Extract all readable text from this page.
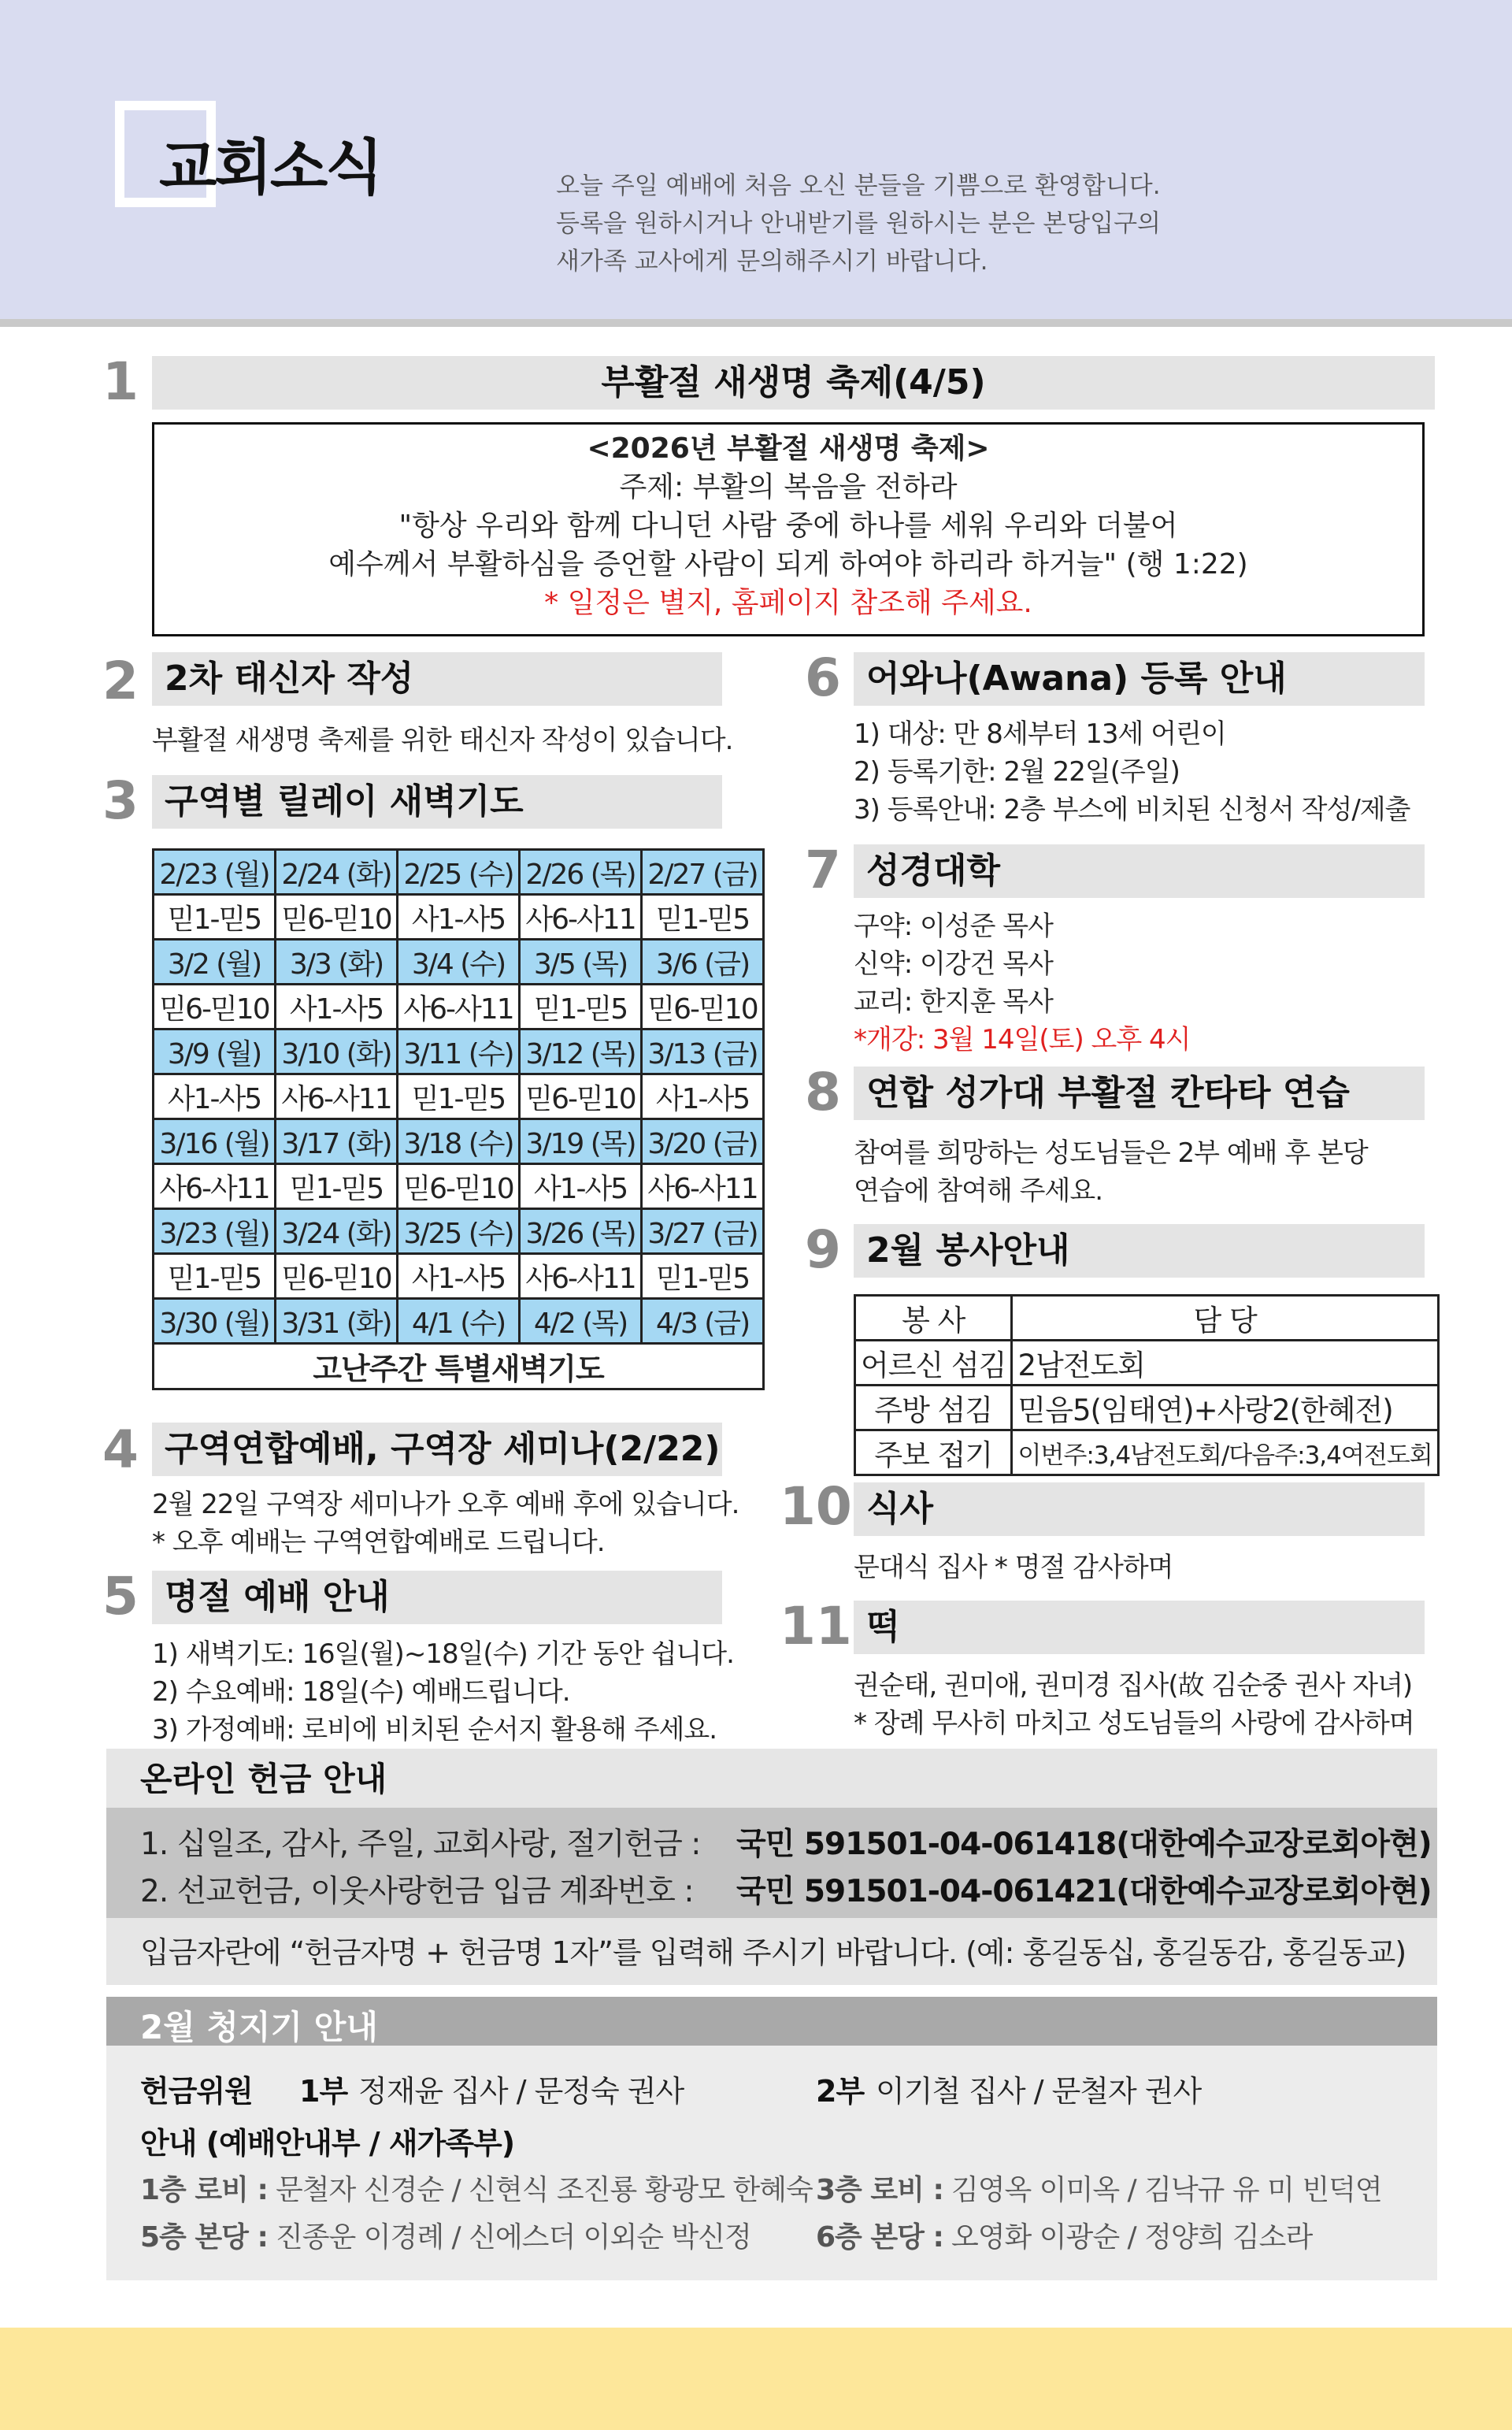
교회소식	오늘 주일 예배에 처음 오신 분들을 기쁨으로 환영합니다.
등록을 원하시거나 안내받기를 원하시는 분은 본당입구의
새가족 교사에게 문의해주시기 바랍니다.
1	부활절 새생명 축제(4/5)
<2026년 부활절 새생명 축제>
주제: 부활의 복음을 전하라
"항상 우리와 함께 다니던 사람 중에 하나를 세워 우리와 더불어
예수께서 부활하심을 증언할 사람이 되게 하여야 하리라 하거늘" (행 1:22)
* 일정은 별지, 홈페이지 참조해 주세요.
2 2차 태신자 작성
부활절 새생명 축제를 위한 태신자 작성이 있습니다.
3 구역별 릴레이 새벽기도
2/23 (월)	2/24 (화)	2/25 (수)	2/26 (목)	2/27 (금)
믿1-믿5	믿6-믿10	사1-사5	사6-사11	믿1-믿5
3/2 (월)	3/3 (화)	3/4 (수)	3/5 (목)	3/6 (금)
믿6-믿10	사1-사5	사6-사11	믿1-믿5	믿6-믿10
3/9 (월)	3/10 (화)	3/11 (수)	3/12 (목)	3/13 (금)
사1-사5	사6-사11	믿1-믿5	믿6-믿10	사1-사5
3/16 (월)	3/17 (화)	3/18 (수)	3/19 (목)	3/20 (금)
사6-사11	믿1-믿5	믿6-믿10	사1-사5	사6-사11
3/23 (월)	3/24 (화)	3/25 (수)	3/26 (목)	3/27 (금)
믿1-믿5	믿6-믿10	사1-사5	사6-사11	믿1-믿5
3/30 (월)	3/31 (화)	4/1 (수)	4/2 (목)	4/3 (금)
고난주간 특별새벽기도				
4 구역연합예배, 구역장 세미나(2/22)
2월 22일 구역장 세미나가 오후 예배 후에 있습니다.
* 오후 예배는 구역연합예배로 드립니다.
5 명절 예배 안내
1) 새벽기도: 16일(월)~18일(수) 기간 동안 쉽니다.
2) 수요예배: 18일(수) 예배드립니다.
3) 가정예배: 로비에 비치된 순서지 활용해 주세요.
6 어와나(Awana) 등록 안내
1) 대상: 만 8세부터 13세 어린이
2) 등록기한: 2월 22일(주일)
3) 등록안내: 2층 부스에 비치된 신청서 작성/제출
7 성경대학
구약: 이성준 목사
신약: 이강건 목사
교리: 한지훈 목사
*개강: 3월 14일(토) 오후 4시
8 연합 성가대 부활절 칸타타 연습
참여를 희망하는 성도님들은 2부 예배 후 본당
연습에 참여해 주세요.
9 2월 봉사안내
봉 사	담 당
어르신 섬김	2남전도회
주방 섬김	믿음5(임태연)+사랑2(한혜전)
주보 접기	이번주:3,4남전도회/다음주:3,4여전도회
10 식사
문대식 집사 * 명절 감사하며
11 떡
권순태, 권미애, 권미경 집사(故 김순중 권사 자녀)
* 장례 무사히 마치고 성도님들의 사랑에 감사하며
온라인 헌금 안내
1. 십일조, 감사, 주일, 교회사랑, 절기헌금 : 국민 591501-04-061418(대한예수교장로회아현)
2. 선교헌금, 이웃사랑헌금 입금 계좌번호 : 국민 591501-04-061421(대한예수교장로회아현)
입금자란에 “헌금자명 + 헌금명 1자”를 입력해 주시기 바랍니다. (예: 홍길동십, 홍길동감, 홍길동교)
2월 청지기 안내
헌금위원 1부 정재윤 집사 / 문정숙 권사	2부 이기철 집사 / 문철자 권사
안내 (예배안내부 / 새가족부)
1층 로비 : 문철자 신경순 / 신현식 조진룡 황광모 한혜숙 3층 로비 : 김영옥 이미옥 / 김낙규 유 미 빈덕연
5층 본당 : 진종운 이경례 / 신에스더 이외순 박신정 6층 본당 : 오영화 이광순 / 정양희 김소라
